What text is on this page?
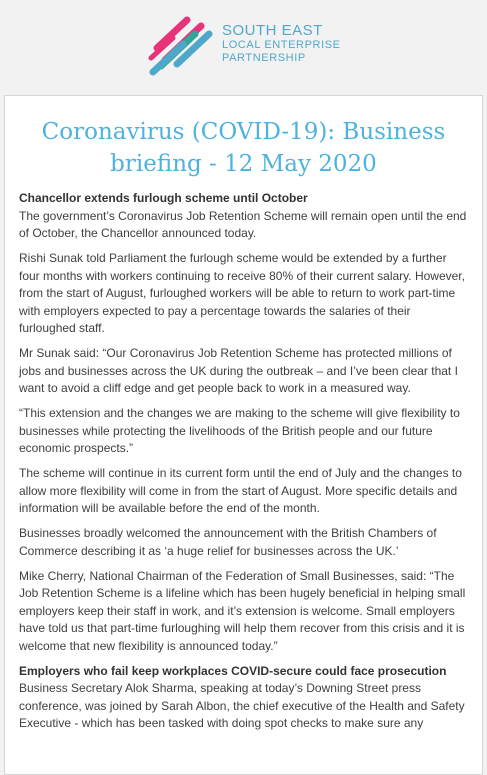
SOUTH EAST
LOCAL ENTERPRISE
PARTNERSHIP
Coronavirus (COVID-19): Business briefing - 12 May 2020

Chancellor extends furlough scheme until October

The government’s Coronavirus Job Retention Scheme will remain open until the end of October, the Chancellor announced today.

Rishi Sunak told Parliament the furlough scheme would be extended by a further four months with workers continuing to receive 80% of their current salary. However, from the start of August, furloughed workers will be able to return to work part-time with employers expected to pay a percentage towards the salaries of their furloughed staff.

Mr Sunak said: “Our Coronavirus Job Retention Scheme has protected millions of jobs and businesses across the UK during the outbreak – and I’ve been clear that I want to avoid a cliff edge and get people back to work in a measured way.

“This extension and the changes we are making to the scheme will give flexibility to businesses while protecting the livelihoods of the British people and our future economic prospects.”

The scheme will continue in its current form until the end of July and the changes to allow more flexibility will come in from the start of August. More specific details and information will be available before the end of the month.

Businesses broadly welcomed the announcement with the British Chambers of Commerce describing it as ‘a huge relief for businesses across the UK.’

Mike Cherry, National Chairman of the Federation of Small Businesses, said: “The Job Retention Scheme is a lifeline which has been hugely beneficial in helping small employers keep their staff in work, and it’s extension is welcome. Small employers have told us that part-time furloughing will help them recover from this crisis and it is welcome that new flexibility is announced today.”

Employers who fail keep workplaces COVID-secure could face prosecution

Business Secretary Alok Sharma, speaking at today’s Downing Street press conference, was joined by Sarah Albon, the chief executive of the Health and Safety Executive - which has been tasked with doing spot checks to make sure any
